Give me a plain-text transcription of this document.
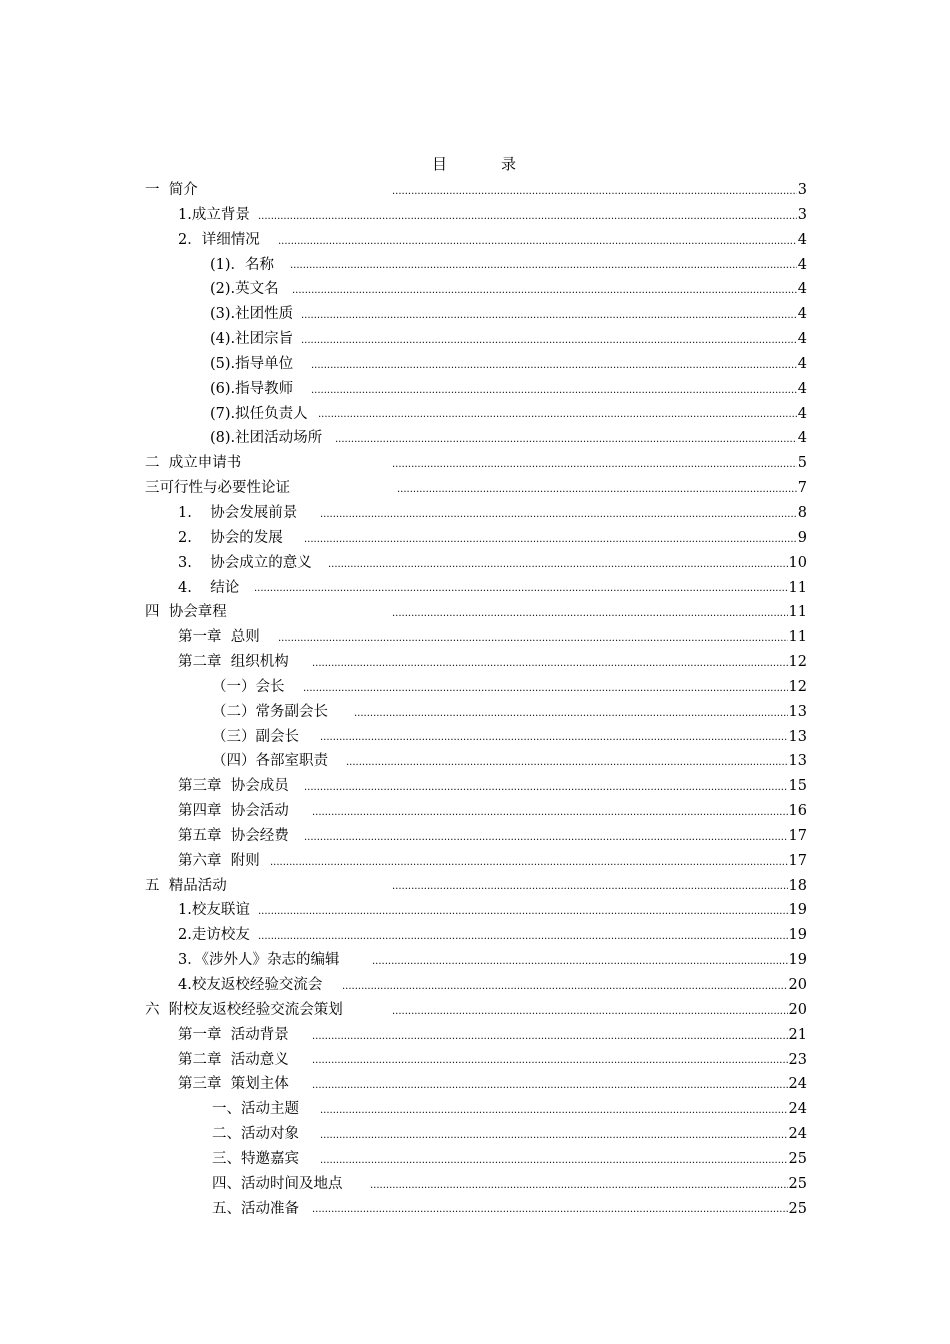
目	录
一  简介 .....	3
1.成立背景 .....	3
2．详细情况 .....	4
(1)．名称 .....	4
(2).英文名 .....	4
(3).社团性质 .....	4
(4).社团宗旨 .....	4
(5).指导单位 .....	4
(6).指导教师 .....	4
(7).拟任负责人 .....	4
(8).社团活动场所 .....	4
二  成立申请书 .....	5
三可行性与必要性论证 .....	7
1.    协会发展前景 .....	8
2.    协会的发展 .....	9
3.    协会成立的意义 .....	10
4.    结论 .....	11
四  协会章程 .....	11
第一章  总则 .....	11
第二章  组织机构 .....	12
（一）会长 .....	12
（二）常务副会长 .....	13
（三）副会长 .....	13
（四）各部室职责 .....	13
第三章  协会成员 .....	15
第四章  协会活动 .....	16
第五章  协会经费 .....	17
第六章  附则 .....	17
五  精品活动 .....	18
1.校友联谊 .....	19
2.走访校友 .....	19
3．《涉外人》杂志的编辑 .....	19
4.校友返校经验交流会 .....	20
六  附校友返校经验交流会策划 .....	20
第一章  活动背景 .....	21
第二章  活动意义 .....	23
第三章  策划主体 .....	24
一、活动主题 .....	24
二、活动对象 .....	24
三、特邀嘉宾 .....	25
四、活动时间及地点 .....	25
五、活动准备 .....	25
